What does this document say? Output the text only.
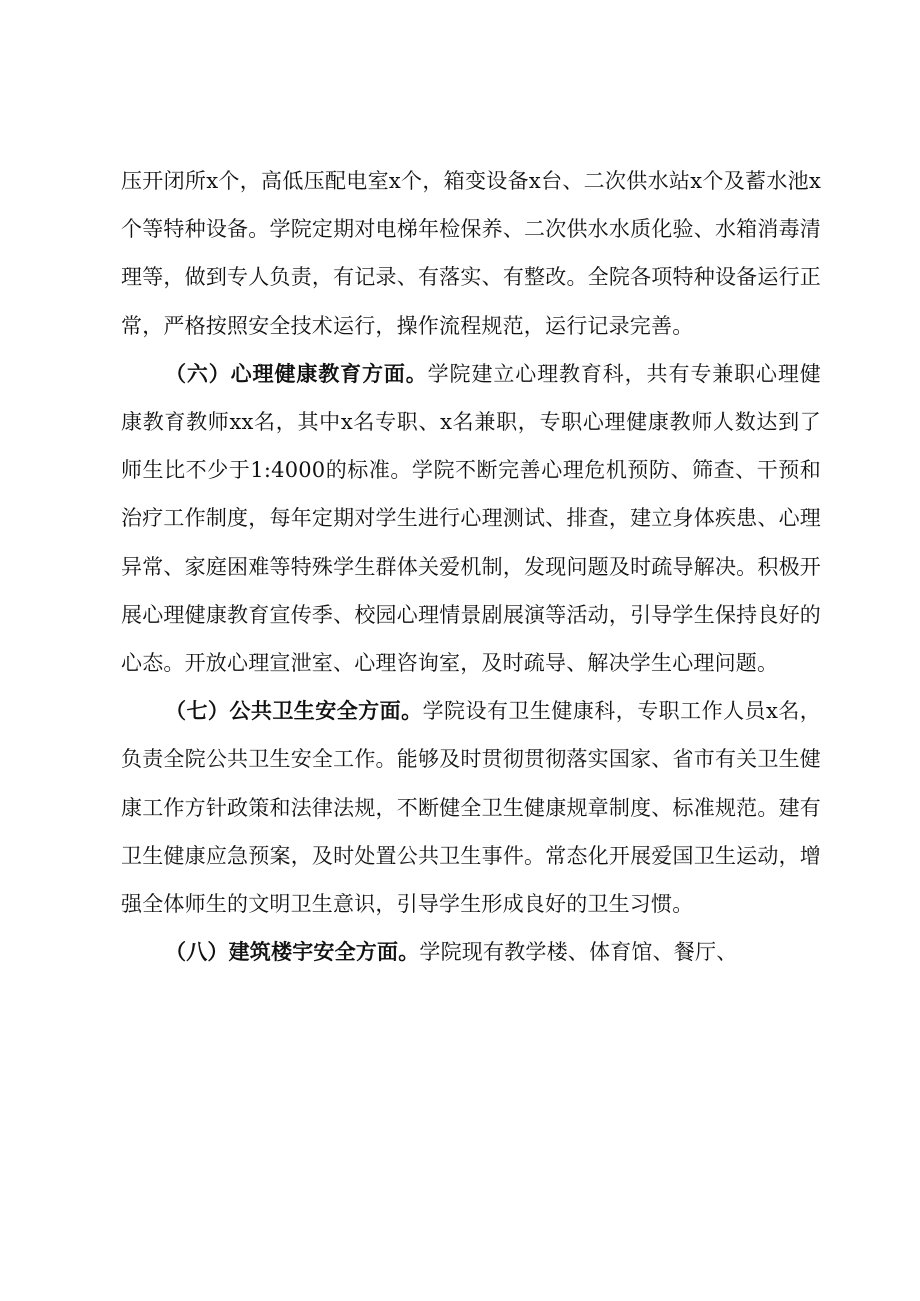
压开闭所x个，高低压配电室x个，箱变设备x台、二次供水站x个及蓄水池x个等特种设备。学院定期对电梯年检保养、二次供水水质化验、水箱消毒清理等，做到专人负责，有记录、有落实、有整改。全院各项特种设备运行正常，严格按照安全技术运行，操作流程规范，运行记录完善。

（六）心理健康教育方面。学院建立心理教育科，共有专兼职心理健康教育教师xx名，其中x名专职、x名兼职，专职心理健康教师人数达到了师生比不少于1:4000的标准。学院不断完善心理危机预防、筛查、干预和治疗工作制度，每年定期对学生进行心理测试、排查，建立身体疾患、心理异常、家庭困难等特殊学生群体关爱机制，发现问题及时疏导解决。积极开展心理健康教育宣传季、校园心理情景剧展演等活动，引导学生保持良好的心态。开放心理宣泄室、心理咨询室，及时疏导、解决学生心理问题。

（七）公共卫生安全方面。学院设有卫生健康科，专职工作人员x名，负责全院公共卫生安全工作。能够及时贯彻贯彻落实国家、省市有关卫生健康工作方针政策和法律法规，不断健全卫生健康规章制度、标准规范。建有卫生健康应急预案，及时处置公共卫生事件。常态化开展爱国卫生运动，增强全体师生的文明卫生意识，引导学生形成良好的卫生习惯。

（八）建筑楼宇安全方面。学院现有教学楼、体育馆、餐厅、
